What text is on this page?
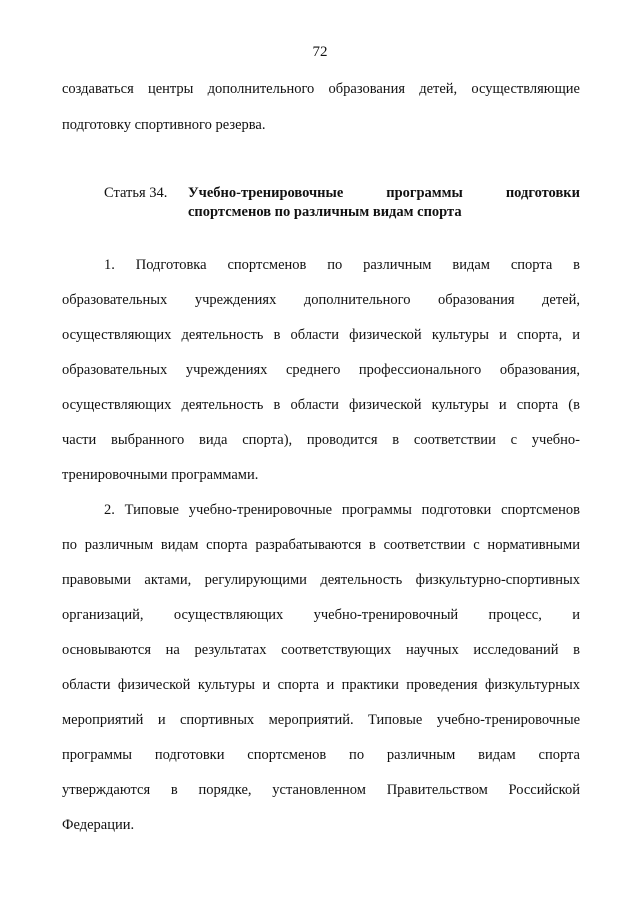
72
создаваться центры дополнительного образования детей, осуществляющие
подготовку спортивного резерва.
Статья 34. Учебно-тренировочные программы подготовки
спортсменов по различным видам спорта
1. Подготовка спортсменов по различным видам спорта в
образовательных учреждениях дополнительного образования детей,
осуществляющих деятельность в области физической культуры и спорта, и
образовательных учреждениях среднего профессионального образования,
осуществляющих деятельность в области физической культуры и спорта (в
части выбранного вида спорта), проводится в соответствии с учебно-
тренировочными программами.
2. Типовые учебно-тренировочные программы подготовки спортсменов
по различным видам спорта разрабатываются в соответствии с нормативными
правовыми актами, регулирующими деятельность физкультурно-спортивных
организаций, осуществляющих учебно-тренировочный процесс, и
основываются на результатах соответствующих научных исследований в
области физической культуры и спорта и практики проведения физкультурных
мероприятий и спортивных мероприятий. Типовые учебно-тренировочные
программы подготовки спортсменов по различным видам спорта
утверждаются в порядке, установленном Правительством Российской
Федерации.
